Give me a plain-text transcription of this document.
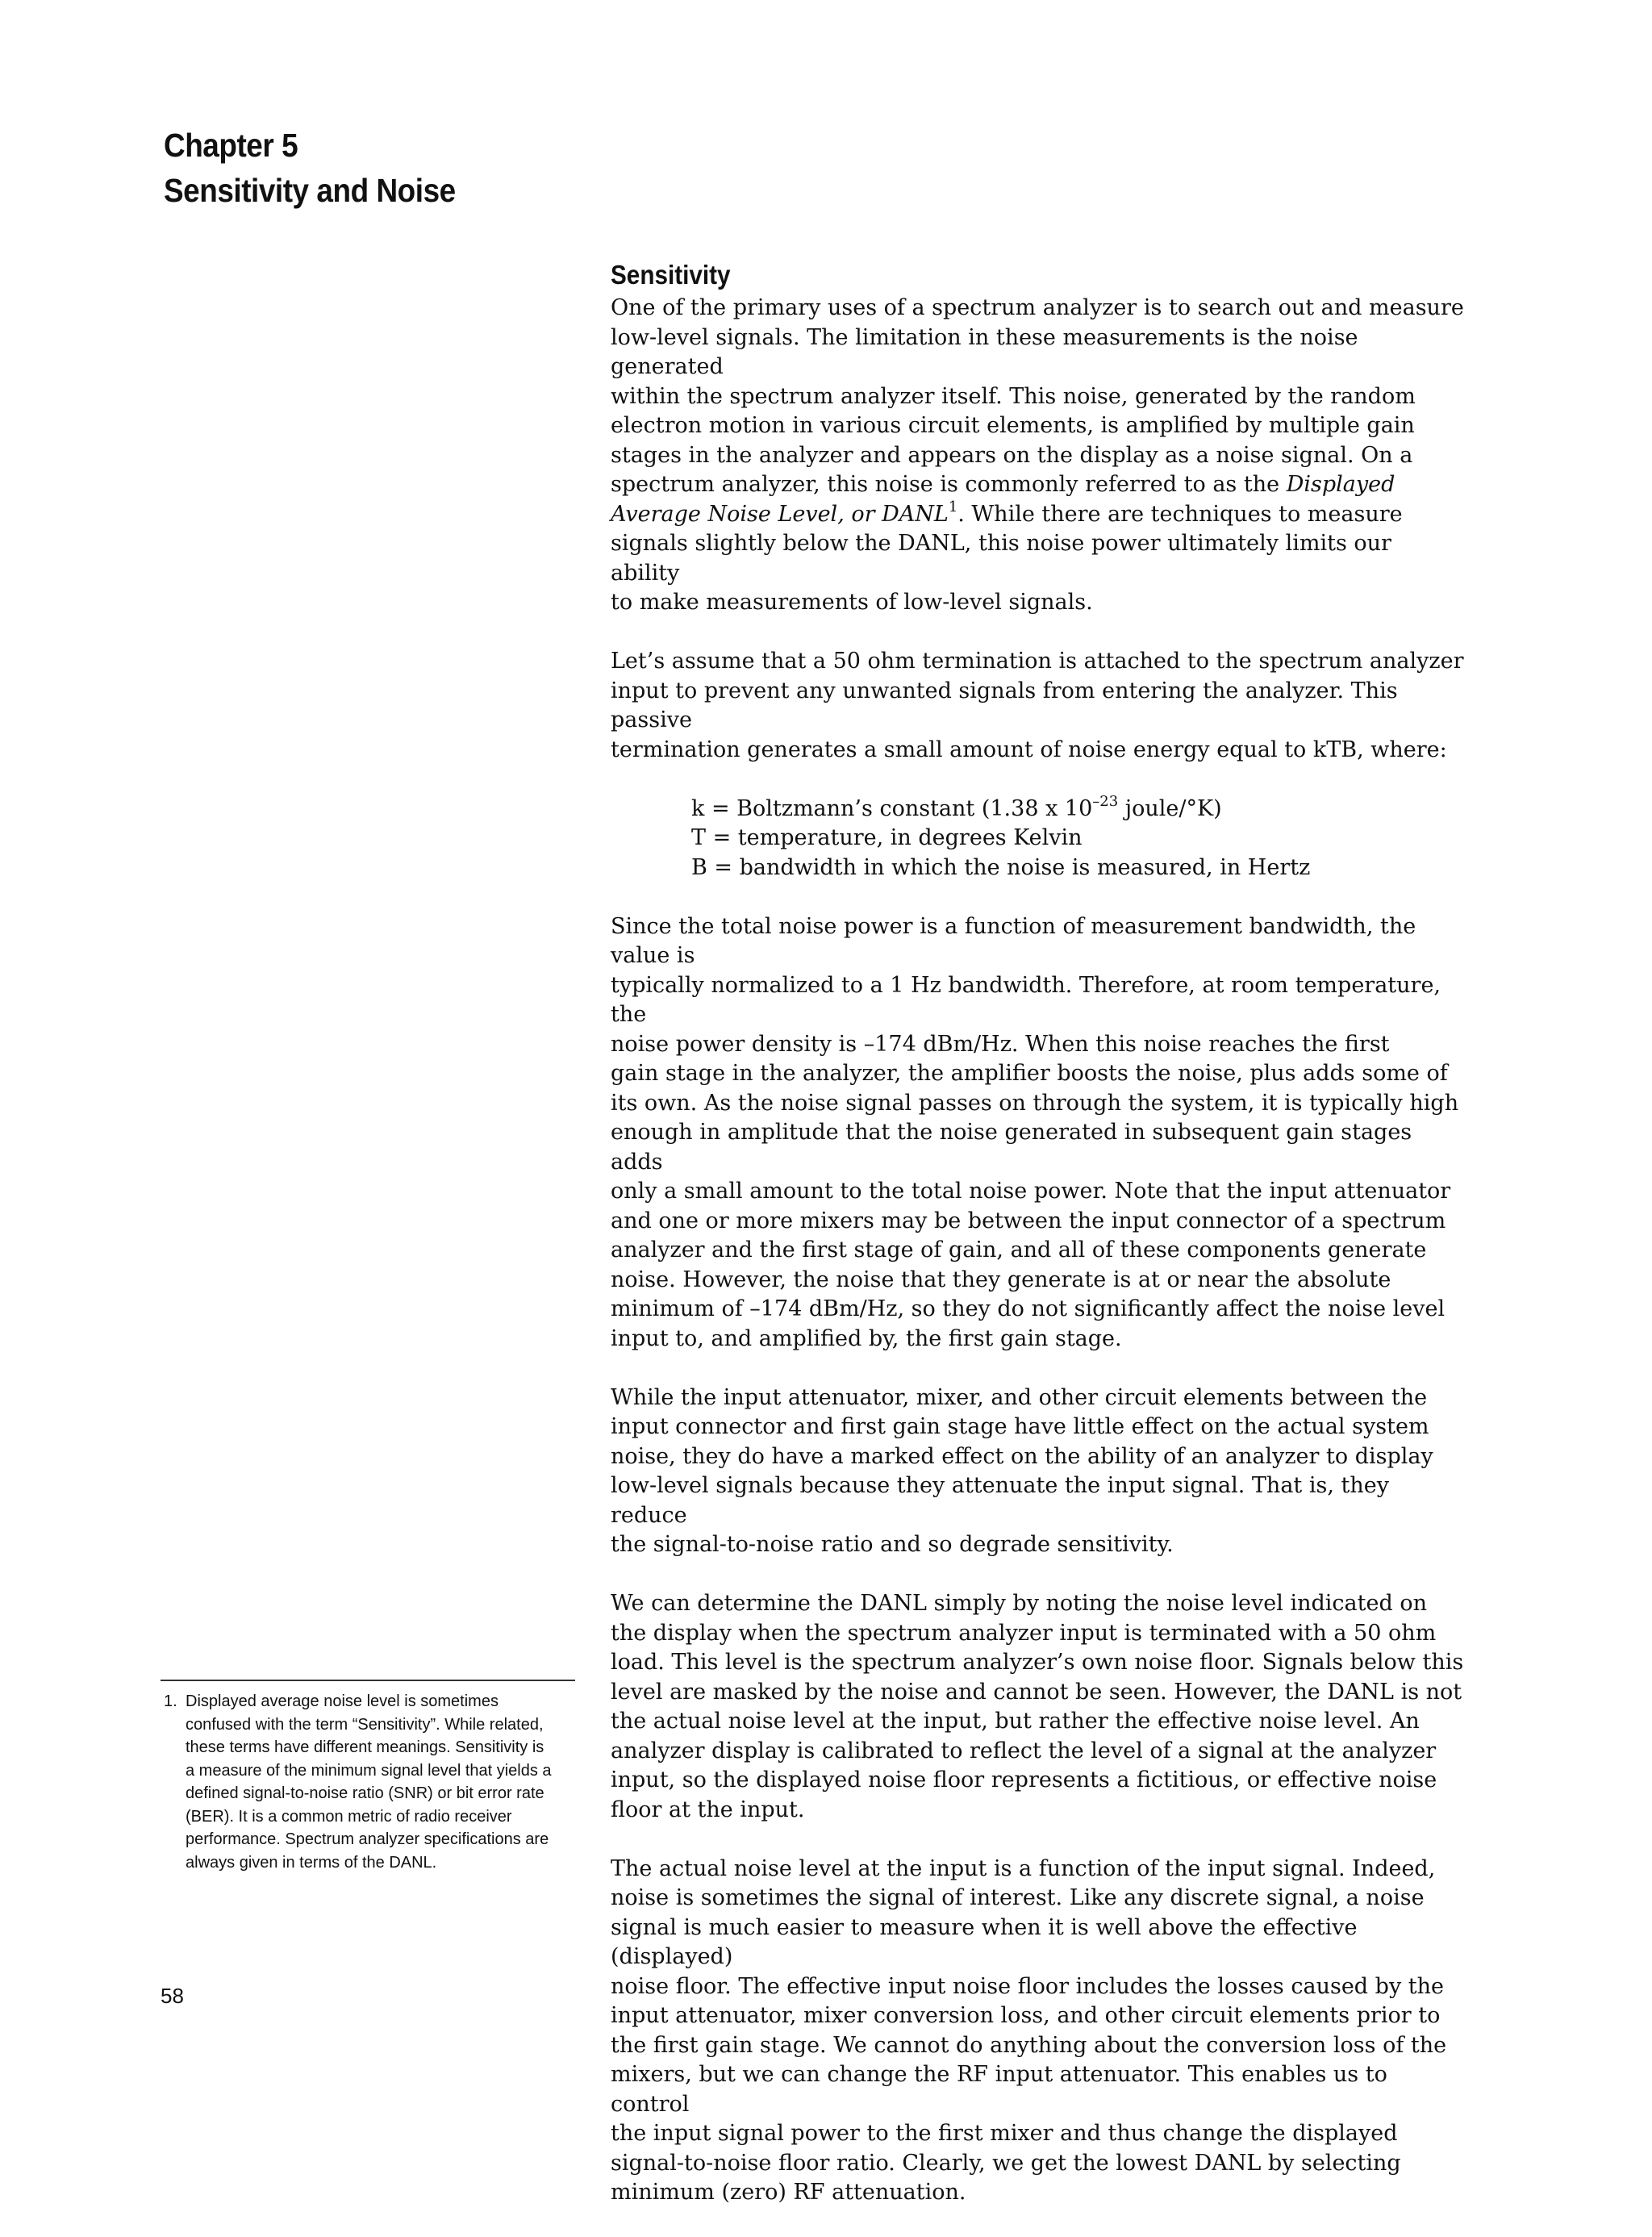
Chapter 5
Sensitivity and Noise
Sensitivity

One of the primary uses of a spectrum analyzer is to search out and measure
low-level signals. The limitation in these measurements is the noise generated
within the spectrum analyzer itself. This noise, generated by the random
electron motion in various circuit elements, is amplified by multiple gain
stages in the analyzer and appears on the display as a noise signal. On a
spectrum analyzer, this noise is commonly referred to as the Displayed
Average Noise Level, or DANL$^1$. While there are techniques to measure
signals slightly below the DANL, this noise power ultimately limits our ability
to make measurements of low-level signals.

Let’s assume that a 50 ohm termination is attached to the spectrum analyzer
input to prevent any unwanted signals from entering the analyzer. This passive
termination generates a small amount of noise energy equal to kTB, where:

k = Boltzmann’s constant (1.38 x $10^{-23}$ joule/°K)
T = temperature, in degrees Kelvin
B = bandwidth in which the noise is measured, in Hertz

Since the total noise power is a function of measurement bandwidth, the value is
typically normalized to a 1 Hz bandwidth. Therefore, at room temperature, the
noise power density is –174 dBm/Hz. When this noise reaches the first
gain stage in the analyzer, the amplifier boosts the noise, plus adds some of
its own. As the noise signal passes on through the system, it is typically high
enough in amplitude that the noise generated in subsequent gain stages adds
only a small amount to the total noise power. Note that the input attenuator
and one or more mixers may be between the input connector of a spectrum
analyzer and the first stage of gain, and all of these components generate
noise. However, the noise that they generate is at or near the absolute
minimum of –174 dBm/Hz, so they do not significantly affect the noise level
input to, and amplified by, the first gain stage.

While the input attenuator, mixer, and other circuit elements between the
input connector and first gain stage have little effect on the actual system
noise, they do have a marked effect on the ability of an analyzer to display
low-level signals because they attenuate the input signal. That is, they reduce
the signal-to-noise ratio and so degrade sensitivity.

We can determine the DANL simply by noting the noise level indicated on
the display when the spectrum analyzer input is terminated with a 50 ohm
load. This level is the spectrum analyzer’s own noise floor. Signals below this
level are masked by the noise and cannot be seen. However, the DANL is not
the actual noise level at the input, but rather the effective noise level. An
analyzer display is calibrated to reflect the level of a signal at the analyzer
input, so the displayed noise floor represents a fictitious, or effective noise
floor at the input.

The actual noise level at the input is a function of the input signal. Indeed,
noise is sometimes the signal of interest. Like any discrete signal, a noise
signal is much easier to measure when it is well above the effective (displayed)
noise floor. The effective input noise floor includes the losses caused by the
input attenuator, mixer conversion loss, and other circuit elements prior to
the first gain stage. We cannot do anything about the conversion loss of the
mixers, but we can change the RF input attenuator. This enables us to control
the input signal power to the first mixer and thus change the displayed
signal-to-noise floor ratio. Clearly, we get the lowest DANL by selecting
minimum (zero) RF attenuation.

1. Displayed average noise level is sometimes
confused with the term “Sensitivity”. While related,
these terms have different meanings. Sensitivity is
a measure of the minimum signal level that yields a
defined signal-to-noise ratio (SNR) or bit error rate
(BER). It is a common metric of radio receiver
performance. Spectrum analyzer specifications are
always given in terms of the DANL.
58
